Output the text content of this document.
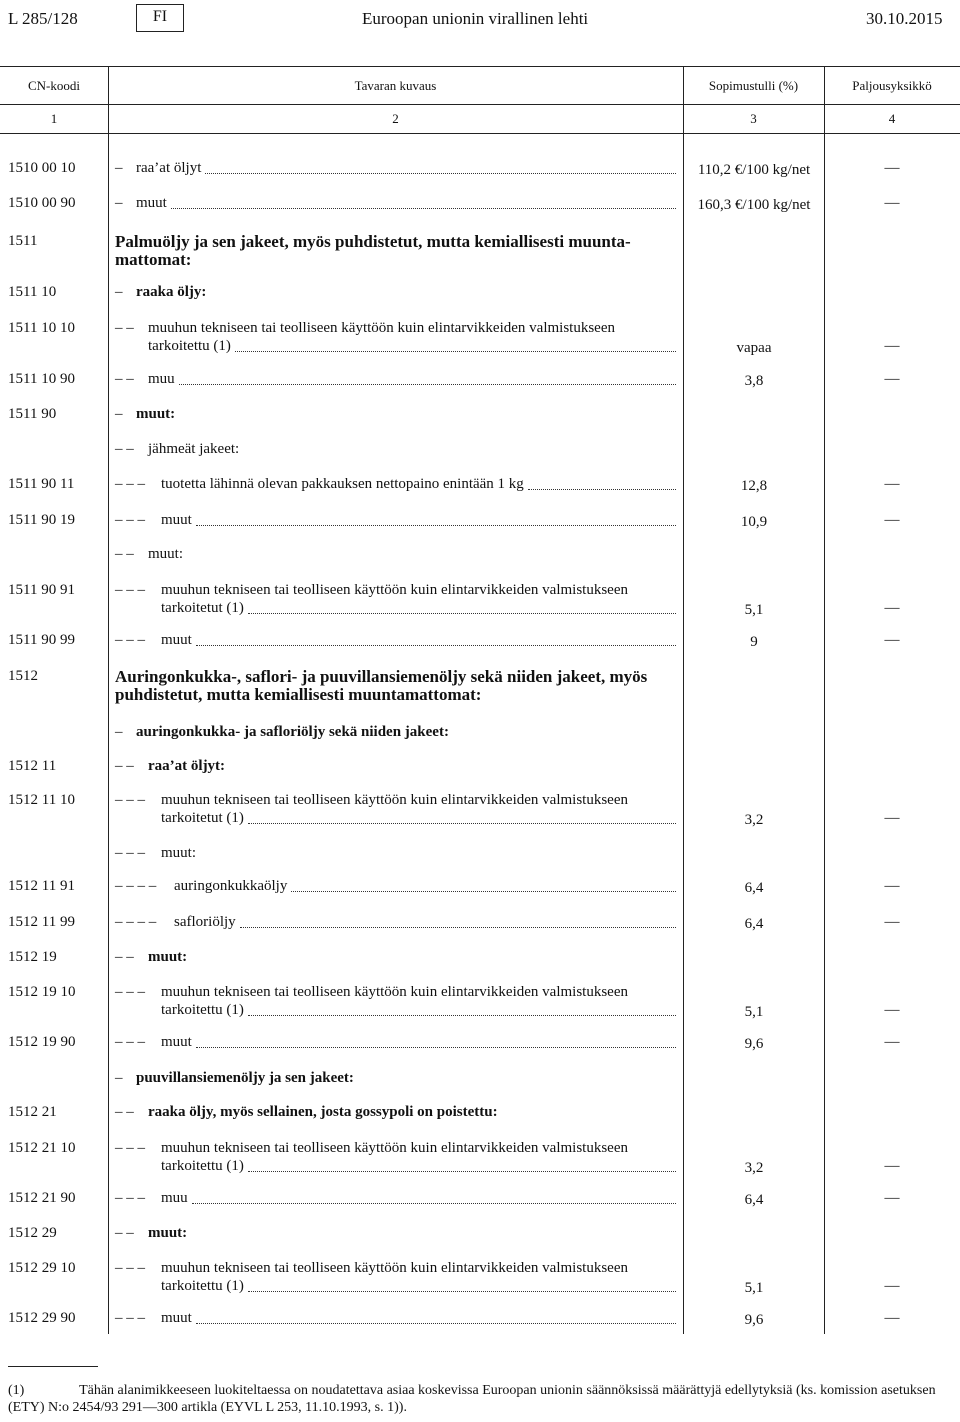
L 285/128	FI	Euroopan unionin virallinen lehti	30.10.2015
CN-koodi	Tavaran kuvaus	Sopimustulli (%)	Paljousyksikkö
1	2	3	4
1510 00 10	– raa’at öljyt	110,2 €/100 kg/net	—
1510 00 90	– muut	160,3 €/100 kg/net	—
1511	Palmuöljy ja sen jakeet, myös puhdistetut, mutta kemiallisesti muunta-
mattomat:
1511 10	– raaka öljy:
1511 10 10	– – muuhun tekniseen tai teolliseen käyttöön kuin elintarvikkeiden valmistukseen
tarkoitettu (1)	vapaa	—
1511 10 90	– – muu	3,8	—
1511 90	– muut:
– – jähmeät jakeet:
1511 90 11	– – – tuotetta lähinnä olevan pakkauksen nettopaino enintään 1 kg	12,8	—
1511 90 19	– – – muut	10,9	—
– – muut:
1511 90 91	– – – muuhun tekniseen tai teolliseen käyttöön kuin elintarvikkeiden valmistukseen
tarkoitetut (1)	5,1	—
1511 90 99	– – – muut	9	—
1512	Auringonkukka-, saflori- ja puuvillansiemenöljy sekä niiden jakeet, myös
puhdistetut, mutta kemiallisesti muuntamattomat:
– auringonkukka- ja safloriöljy sekä niiden jakeet:
1512 11	– – raa’at öljyt:
1512 11 10	– – – muuhun tekniseen tai teolliseen käyttöön kuin elintarvikkeiden valmistukseen
tarkoitetut (1)	3,2	—
– – – muut:
1512 11 91	– – – – auringonkukkaöljy	6,4	—
1512 11 99	– – – – safloriöljy	6,4	—
1512 19	– – muut:
1512 19 10	– – – muuhun tekniseen tai teolliseen käyttöön kuin elintarvikkeiden valmistukseen
tarkoitettu (1)	5,1	—
1512 19 90	– – – muut	9,6	—
– puuvillansiemenöljy ja sen jakeet:
1512 21	– – raaka öljy, myös sellainen, josta gossypoli on poistettu:
1512 21 10	– – – muuhun tekniseen tai teolliseen käyttöön kuin elintarvikkeiden valmistukseen
tarkoitettu (1)	3,2	—
1512 21 90	– – – muu	6,4	—
1512 29	– – muut:
1512 29 10	– – – muuhun tekniseen tai teolliseen käyttöön kuin elintarvikkeiden valmistukseen
tarkoitettu (1)	5,1	—
1512 29 90	– – – muut	9,6	—
(1)	Tähän alanimikkeeseen luokiteltaessa on noudatettava asiaa koskevissa Euroopan unionin säännöksissä määrättyjä edellytyksiä (ks. komission asetuksen (ETY) N:o 2454/93 291—300 artikla (EYVL L 253, 11.10.1993, s. 1)).
